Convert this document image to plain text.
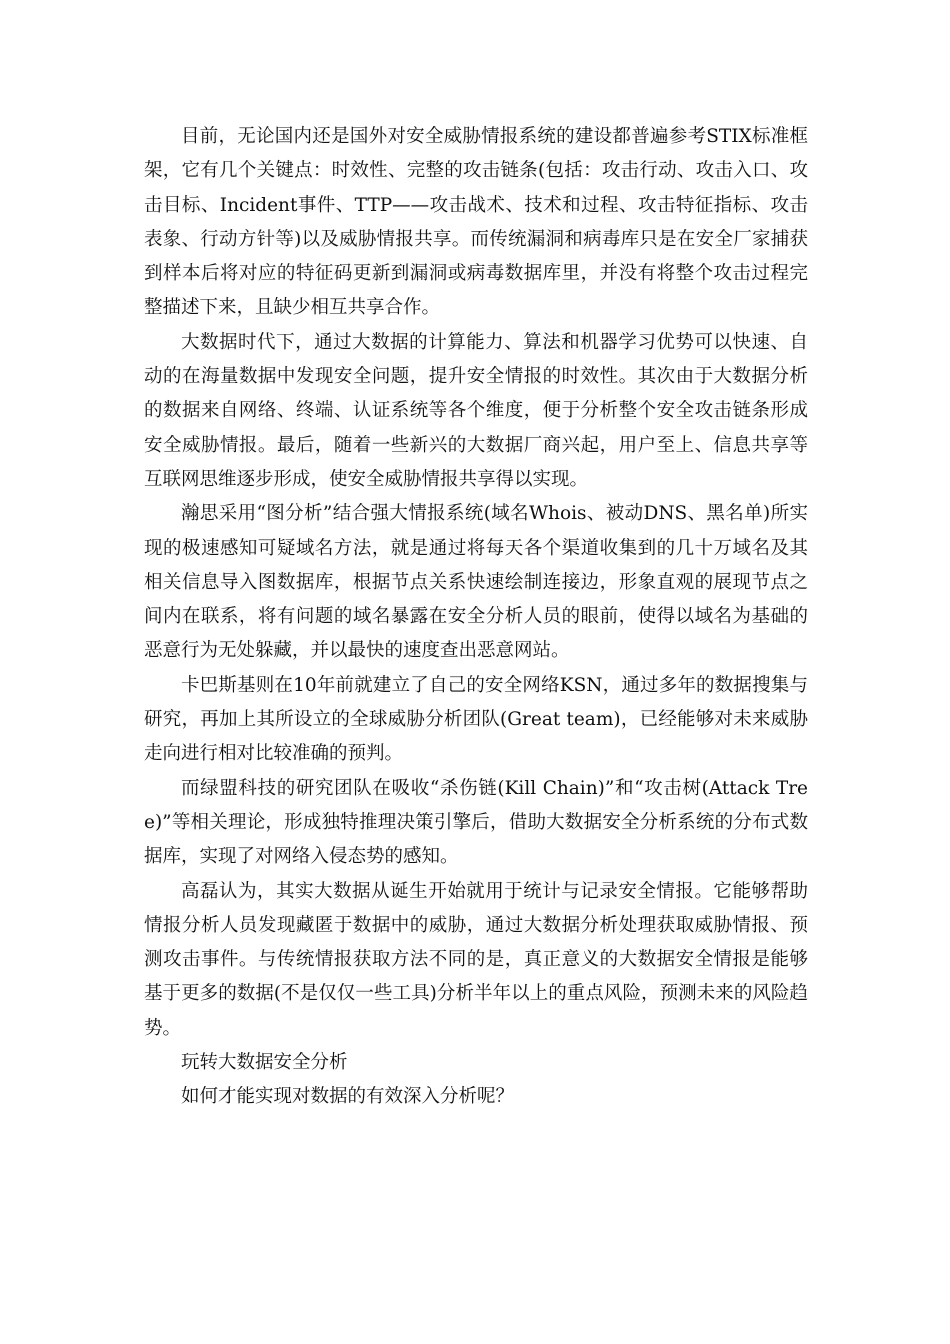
目前，无论国内还是国外对安全威胁情报系统的建设都普遍参考STIX标准框架，它有几个关键点：时效性、完整的攻击链条(包括：攻击行动、攻击入口、攻击目标、Incident事件、TTP——攻击战术、技术和过程、攻击特征指标、攻击表象、行动方针等)以及威胁情报共享。而传统漏洞和病毒库只是在安全厂家捕获到样本后将对应的特征码更新到漏洞或病毒数据库里，并没有将整个攻击过程完整描述下来，且缺少相互共享合作。

大数据时代下，通过大数据的计算能力、算法和机器学习优势可以快速、自动的在海量数据中发现安全问题，提升安全情报的时效性。其次由于大数据分析的数据来自网络、终端、认证系统等各个维度，便于分析整个安全攻击链条形成安全威胁情报。最后，随着一些新兴的大数据厂商兴起，用户至上、信息共享等互联网思维逐步形成，使安全威胁情报共享得以实现。

瀚思采用“图分析”结合强大情报系统(域名Whois、被动DNS、黑名单)所实现的极速感知可疑域名方法，就是通过将每天各个渠道收集到的几十万域名及其相关信息导入图数据库，根据节点关系快速绘制连接边，形象直观的展现节点之间内在联系，将有问题的域名暴露在安全分析人员的眼前，使得以域名为基础的恶意行为无处躲藏，并以最快的速度查出恶意网站。

卡巴斯基则在10年前就建立了自己的安全网络KSN，通过多年的数据搜集与研究，再加上其所设立的全球威胁分析团队(Great team)，已经能够对未来威胁走向进行相对比较准确的预判。

而绿盟科技的研究团队在吸收“杀伤链(Kill Chain)”和“攻击树(Attack Tree)”等相关理论，形成独特推理决策引擎后，借助大数据安全分析系统的分布式数据库，实现了对网络入侵态势的感知。

高磊认为，其实大数据从诞生开始就用于统计与记录安全情报。它能够帮助情报分析人员发现藏匿于数据中的威胁，通过大数据分析处理获取威胁情报、预测攻击事件。与传统情报获取方法不同的是，真正意义的大数据安全情报是能够基于更多的数据(不是仅仅一些工具)分析半年以上的重点风险，预测未来的风险趋势。

玩转大数据安全分析

如何才能实现对数据的有效深入分析呢？
